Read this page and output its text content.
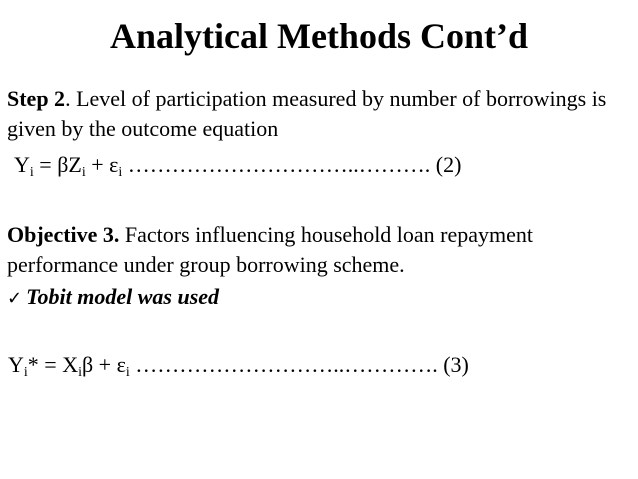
Analytical Methods Cont’d
Step 2. Level of participation measured by number of borrowings is given by the outcome equation
$Y_i = \beta Z_i + \varepsilon_i$ …………………………..………. (2)
Objective 3. Factors influencing household loan repayment performance under group borrowing scheme.
✓ Tobit model was used
$Y_i* = X_i\beta + \varepsilon_i$ ………………………..…………. (3)
